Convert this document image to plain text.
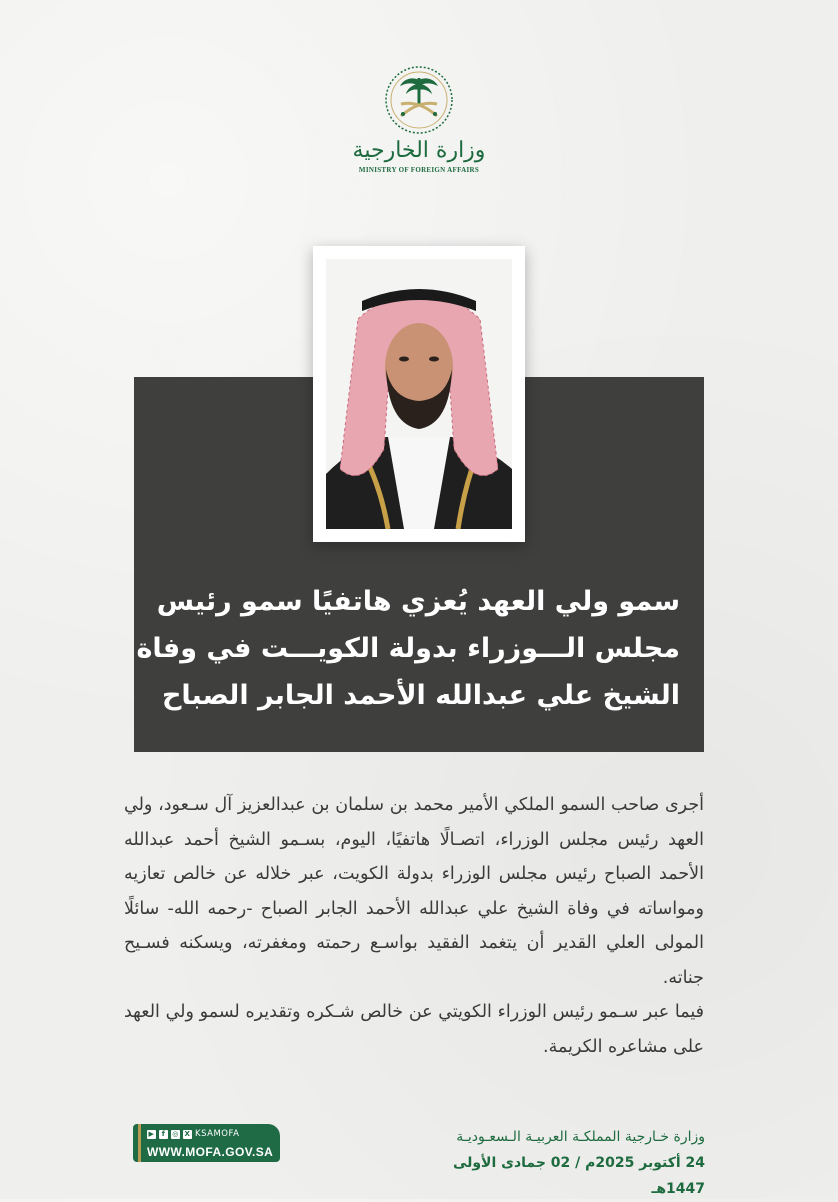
وزارة الخارجية
MINISTRY OF FOREIGN AFFAIRS
سمو ولي العهد يُعزي هاتفيًا سمو رئيس
مجلس الـــوزراء بدولة الكويـــت في وفاة
الشيخ علي عبدالله الأحمد الجابر الصباح

أجرى صاحب السمو الملكي الأمير محمد بن سلمان بن عبدالعزيز آل سـعود، ولي العهد رئيس مجلس الوزراء، اتصـالًا هاتفيًا، اليوم، بسـمو الشيخ أحمد عبدالله الأحمد الصباح رئيس مجلس الوزراء بدولة الكويت، عبر خلاله عن خالص تعازيه ومواساته في وفاة الشيخ علي عبدالله الأحمد الجابر الصباح -رحمه الله- سائلًا المولى العلي القدير أن يتغمد الفقيد بواسـع رحمته ومغفرته، ويسكنه فسـيح جناته.

فيما عبر سـمو رئيس الوزراء الكويتي عن خالص شـكره وتقديره لسمو ولي العهد على مشاعره الكريمة.

وزارة خـارجية المملكـة العربيـة الـسعـوديـة
24 أكتوبر 2025م / 02 جمادى الأولى 1447هـ
▶	f ◎ X KSAMOFA
WWW.MOFA.GOV.SA
